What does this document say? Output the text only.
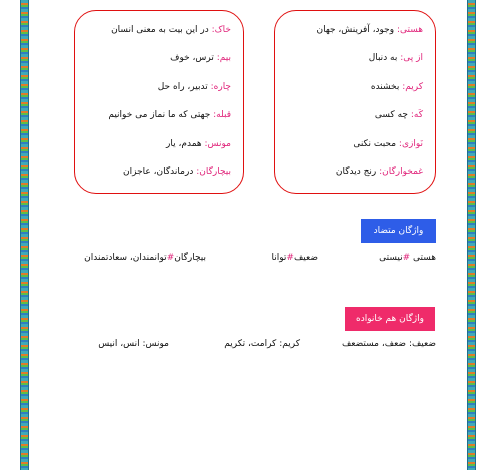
هستی: وجود، آفرینش، جهان
از پی: به دنبال
کریم: بخشنده
کَه: چه کسی
نَوازی: محبت نکنی
غمخوارگان: رنج دیدگان
خاک: در این بیت به معنی انسان
بیم: ترس، خوف
چاره: تدبیر، راه حل
قبله: جهتی که ما نماز می خوانیم
مونس: همدم، یار
بیچارگان: درماندگان، عاجزان
واژگان متضاد
هستی #نیستی
ضعیف#توانا
بیچارگان#توانمندان، سعادتمندان
واژگان هم خانواده
ضعیف: ضعف، مستضعف
کریم: کرامت، تکریم
مونس: انس، انیس
